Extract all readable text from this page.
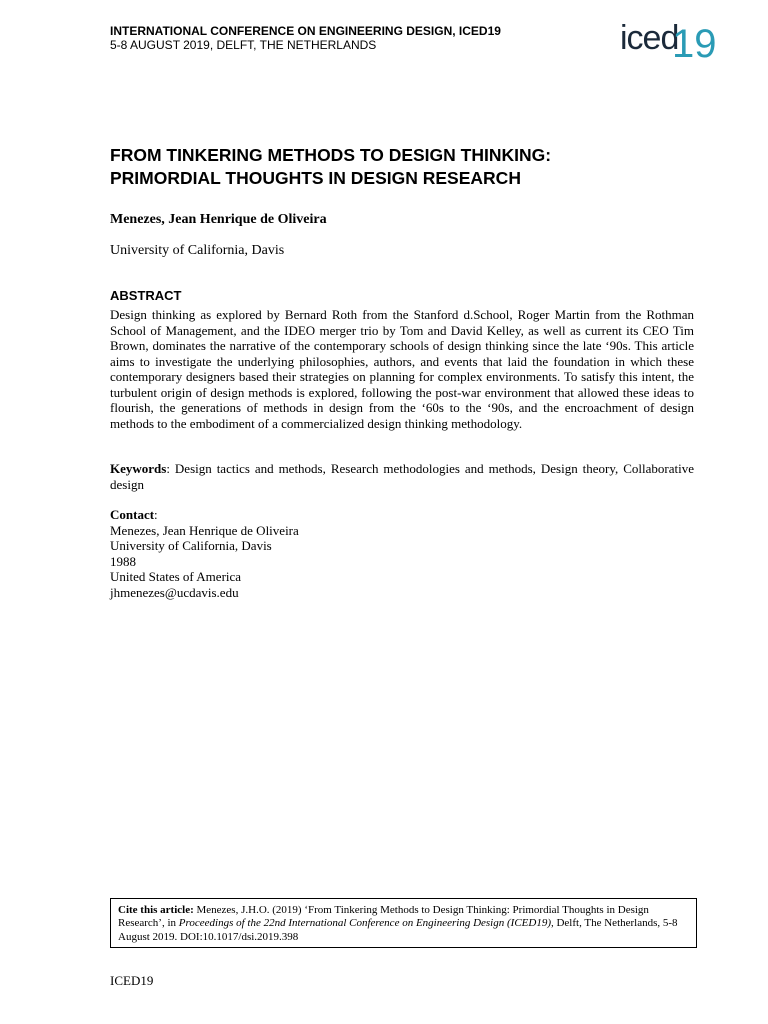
INTERNATIONAL CONFERENCE ON ENGINEERING DESIGN, ICED19
5-8 AUGUST 2019, DELFT, THE NETHERLANDS	iced
19
FROM TINKERING METHODS TO DESIGN THINKING:
PRIMORDIAL THOUGHTS IN DESIGN RESEARCH
Menezes, Jean Henrique de Oliveira
University of California, Davis
ABSTRACT

Design thinking as explored by Bernard Roth from the Stanford d.School, Roger Martin from the Rothman School of Management, and the IDEO merger trio by Tom and David Kelley, as well as current its CEO Tim Brown, dominates the narrative of the contemporary schools of design thinking since the late ‘90s. This article aims to investigate the underlying philosophies, authors, and events that laid the foundation in which these contemporary designers based their strategies on planning for complex environments. To satisfy this intent, the turbulent origin of design methods is explored, following the post-war environment that allowed these ideas to flourish, the generations of methods in design from the ‘60s to the ‘90s, and the encroachment of design methods to the embodiment of a commercialized design thinking methodology.

Keywords: Design tactics and methods, Research methodologies and methods, Design theory, Collaborative design

Contact:
Menezes, Jean Henrique de Oliveira
University of California, Davis
1988
United States of America
jhmenezes@ucdavis.edu
Cite this article: Menezes, J.H.O. (2019) ‘From Tinkering Methods to Design Thinking: Primordial Thoughts in Design Research’, in Proceedings of the 22nd International Conference on Engineering Design (ICED19), Delft, The Netherlands, 5-8 August 2019. DOI:10.1017/dsi.2019.398
ICED19
